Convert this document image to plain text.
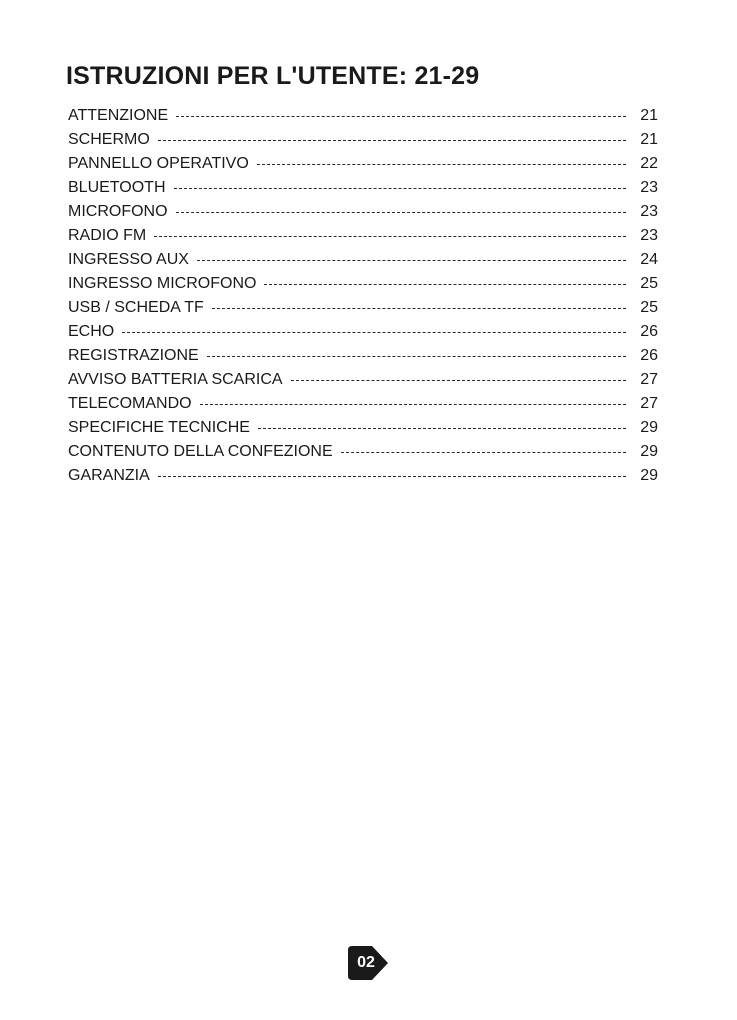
ISTRUZIONI PER L'UTENTE: 21-29
ATTENZIONE	21
SCHERMO	21
PANNELLO OPERATIVO	22
BLUETOOTH	23
MICROFONO	23
RADIO FM	23
INGRESSO AUX	24
INGRESSO MICROFONO	25
USB / SCHEDA TF	25
ECHO	26
REGISTRAZIONE	26
AVVISO BATTERIA SCARICA	27
TELECOMANDO	27
SPECIFICHE TECNICHE	29
CONTENUTO DELLA CONFEZIONE	29
GARANZIA	29
02
